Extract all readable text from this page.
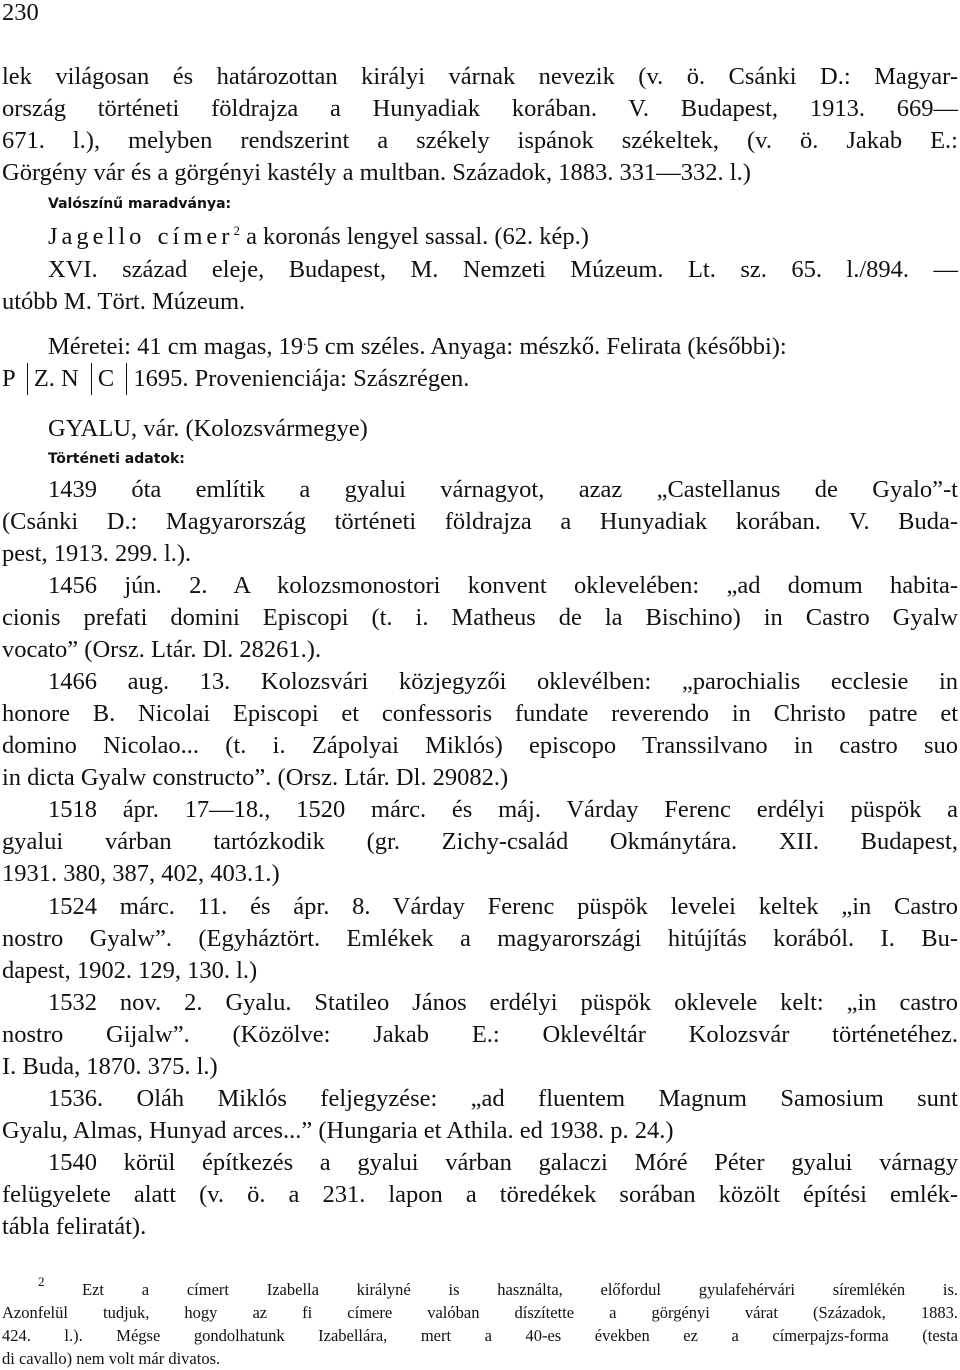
230
lek világosan és határozottan királyi várnak nevezik (v. ö. Csánki D.: Magyar-
ország történeti földrajza a Hunyadiak korában. V. Budapest, 1913. 669—
671. l.), melyben rendszerint a székely ispánok székeltek, (v. ö. Jakab E.:
Görgény vár és a görgényi kastély a multban. Századok, 1883. 331—332. l.)
Valószínű maradványa:
Jagello címer$^2$ a koronás lengyel sassal. (62. kép.)
XVI. század eleje, Budapest, M. Nemzeti Múzeum. Lt. sz. 65. l./894. —
utóbb M. Tört. Múzeum.
Méretei: 41 cm magas, 19.5 cm széles. Anyaga: mészkő. Felirata (későbbi):
P Z. N C 1695. Provenienciája: Szászrégen.
GYALU, vár. (Kolozsvármegye)
Történeti adatok:
1439 óta említik a gyalui várnagyot, azaz „Castellanus de Gyalo”-t
(Csánki D.: Magyarország történeti földrajza a Hunyadiak korában. V. Buda-
pest, 1913. 299. l.).
1456 jún. 2. A kolozsmonostori konvent oklevelében: „ad domum habita-
cionis prefati domini Episcopi (t. i. Matheus de la Bischino) in Castro Gyalw
vocato” (Orsz. Ltár. Dl. 28261.).
1466 aug. 13. Kolozsvári közjegyzői oklevélben: „parochialis ecclesie in
honore B. Nicolai Episcopi et confessoris fundate reverendo in Christo patre et
domino Nicolao... (t. i. Zápolyai Miklós) episcopo Transsilvano in castro suo
in dicta Gyalw constructo”. (Orsz. Ltár. Dl. 29082.)
1518 ápr. 17—18., 1520 márc. és máj. Várday Ferenc erdélyi püspök a
gyalui várban tartózkodik (gr. Zichy-család Okmánytára. XII. Budapest,
1931. 380, 387, 402, 403.1.)
1524 márc. 11. és ápr. 8. Várday Ferenc püspök levelei keltek „in Castro
nostro Gyalw”. (Egyháztört. Emlékek a magyarországi hitújítás korából. I. Bu-
dapest, 1902. 129, 130. l.)
1532 nov. 2. Gyalu. Statileo János erdélyi püspök oklevele kelt: „in castro
nostro Gijalw”. (Közölve: Jakab E.: Oklevéltár Kolozsvár történetéhez.
I. Buda, 1870. 375. l.)
1536. Oláh Miklós feljegyzése: „ad fluentem Magnum Samosium sunt
Gyalu, Almas, Hunyad arces...” (Hungaria et Athila. ed 1938. p. 24.)
1540 körül építkezés a gyalui várban galaczi Móré Péter gyalui várnagy
felügyelete alatt (v. ö. a 231. lapon a töredékek sorában közölt építési emlék-
tábla feliratát).
2 Ezt a címert Izabella királyné is használta, előfordul gyulafehérvári síremlékén is.
Azonfelül tudjuk, hogy az fi címere valóban díszítette a görgényi várat (Századok, 1883.
424. l.). Mégse gondolhatunk Izabellára, mert a 40-es években ez a címerpajzs-forma (testa
di cavallo) nem volt már divatos.
